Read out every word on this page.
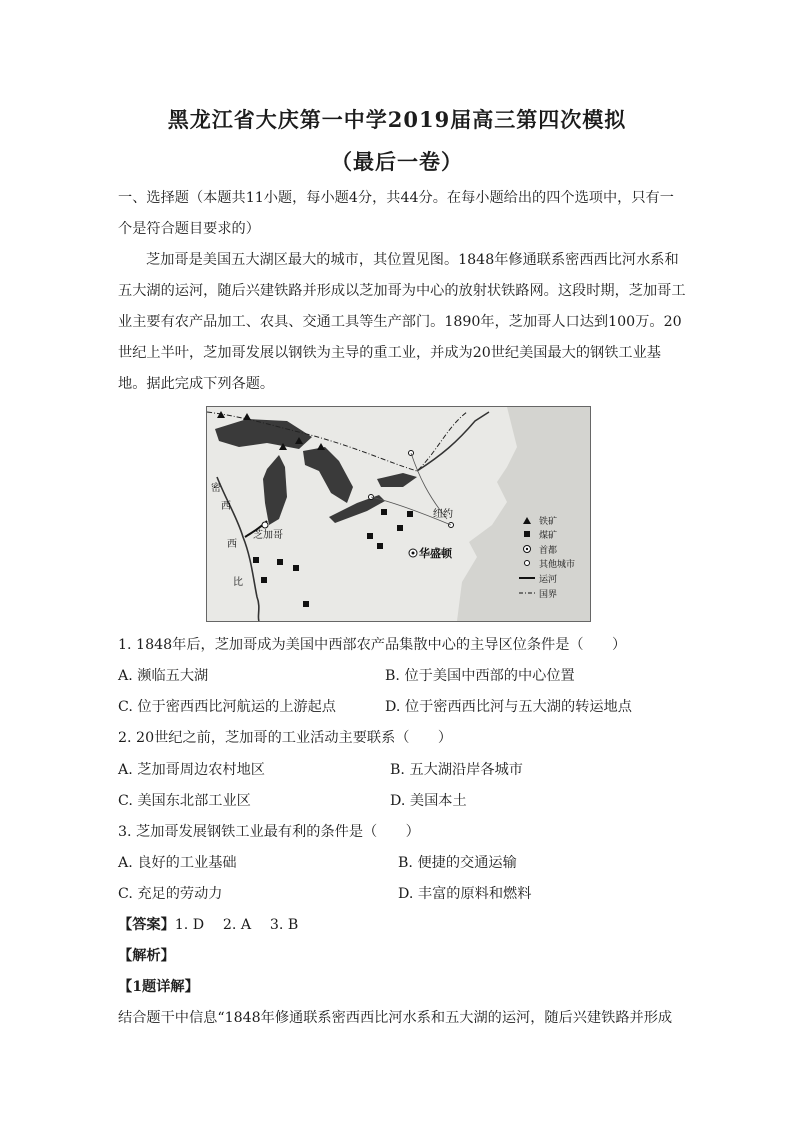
黑龙江省大庆第一中学2019届高三第四次模拟
（最后一卷）
一、选择题（本题共11小题，每小题4分，共44分。在每小题给出的四个选项中，只有一个是符合题目要求的）
芝加哥是美国五大湖区最大的城市，其位置见图。1848年修通联系密西西比河水系和五大湖的运河，随后兴建铁路并形成以芝加哥为中心的放射状铁路网。这段时期，芝加哥工业主要有农产品加工、农具、交通工具等生产部门。1890年，芝加哥人口达到100万。20世纪上半叶，芝加哥发展以钢铁为主导的重工业，并成为20世纪美国最大的钢铁工业基地。据此完成下列各题。
芝加哥
纽约
华盛顿
密
西
西
比
铁矿
煤矿
首都
其他城市
运河
国界
1. 1848年后，芝加哥成为美国中西部农产品集散中心的主导区位条件是（　　）
A. 濒临五大湖	B. 位于美国中西部的中心位置
C. 位于密西西比河航运的上游起点	D. 位于密西西比河与五大湖的转运地点
2. 20世纪之前，芝加哥的工业活动主要联系（　　）
A. 芝加哥周边农村地区	B. 五大湖沿岸各城市
C. 美国东北部工业区	D. 美国本土
3. 芝加哥发展钢铁工业最有利的条件是（　　）
A. 良好的工业基础	B. 便捷的交通运输
C. 充足的劳动力	D. 丰富的原料和燃料
【答案】1. D　 2. A　 3. B
【解析】
【1题详解】
结合题干中信息“1848年修通联系密西西比河水系和五大湖的运河，随后兴建铁路并形成
